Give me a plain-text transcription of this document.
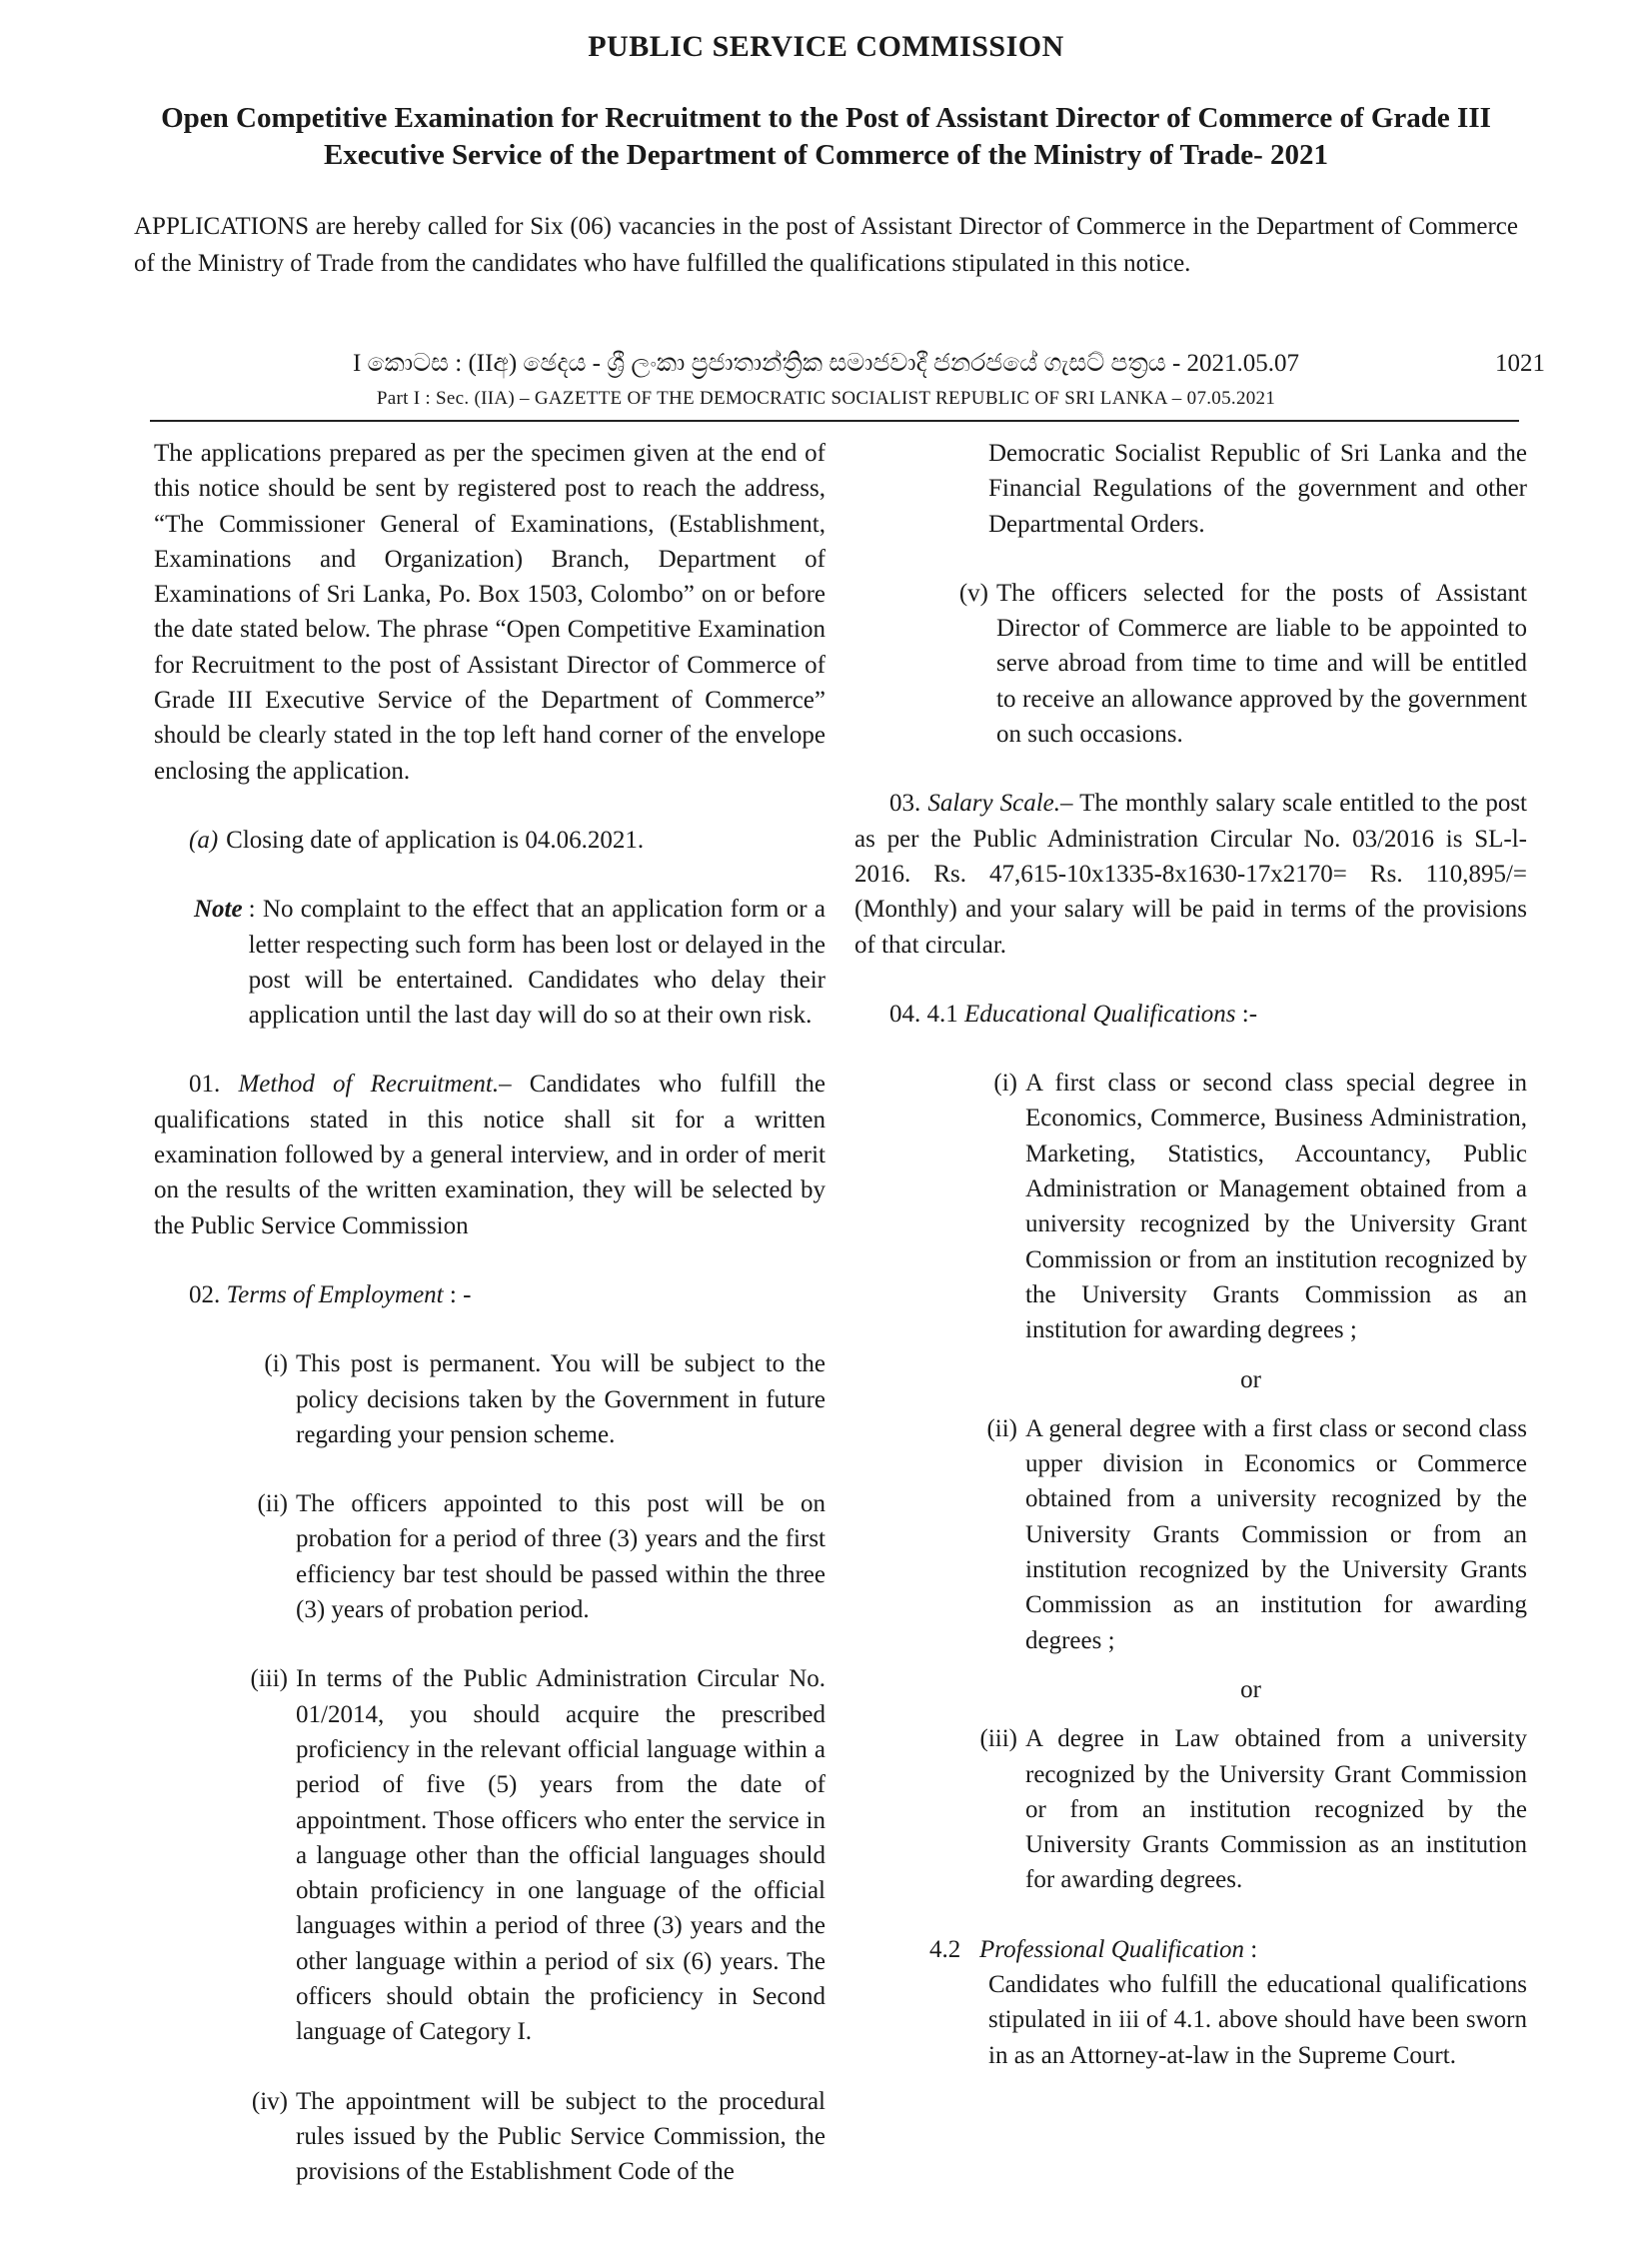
PUBLIC SERVICE COMMISSION
Open Competitive Examination for Recruitment to the Post of Assistant Director of Commerce of Grade III Executive Service of the Department of Commerce of the Ministry of Trade- 2021
APPLICATIONS are hereby called for Six (06) vacancies in the post of Assistant Director of Commerce in the Department of Commerce of the Ministry of Trade from the candidates who have fulfilled the qualifications stipulated in this notice.
I කොටස : (IIඅ) ඡෙදය - ශ්‍රී ලංකා ප්‍රජාතාන්ත්‍රික සමාජවාදී ජනරජයේ ගැසට් පත්‍රය - 2021.05.07
Part I : Sec. (IIA) – GAZETTE OF THE DEMOCRATIC SOCIALIST REPUBLIC OF SRI LANKA – 07.05.2021
1021

The applications prepared as per the specimen given at the end of this notice should be sent by registered post to reach the address, “The Commissioner General of Examinations, (Establishment, Examinations and Organization) Branch, Department of Examinations of Sri Lanka, Po. Box 1503, Colombo” on or before the date stated below. The phrase “Open Competitive Examination for Recruitment to the post of Assistant Director of Commerce of Grade III Executive Service of the Department of Commerce” should be clearly stated in the top left hand corner of the envelope enclosing the application.

(a) Closing date of application is 04.06.2021.
Note : No complaint to the effect that an application form or a letter respecting such form has been lost or delayed in the post will be entertained. Candidates who delay their application until the last day will do so at their own risk.

01. Method of Recruitment.– Candidates who fulfill the qualifications stated in this notice shall sit for a written examination followed by a general interview, and in order of merit on the results of the written examination, they will be selected by the Public Service Commission

02. Terms of Employment : -

(i) This post is permanent. You will be subject to the policy decisions taken by the Government in future regarding your pension scheme.
(ii) The officers appointed to this post will be on probation for a period of three (3) years and the first efficiency bar test should be passed within the three (3) years of probation period.
(iii) In terms of the Public Administration Circular No. 01/2014, you should acquire the prescribed proficiency in the relevant official language within a period of five (5) years from the date of appointment. Those officers who enter the service in a language other than the official languages should obtain proficiency in one language of the official languages within a period of three (3) years and the other language within a period of six (6) years. The officers should obtain the proficiency in Second language of Category I.
(iv) The appointment will be subject to the procedural rules issued by the Public Service Commission, the provisions of the Establishment Code of the

Democratic Socialist Republic of Sri Lanka and the Financial Regulations of the government and other Departmental Orders.

(v) The officers selected for the posts of Assistant Director of Commerce are liable to be appointed to serve abroad from time to time and will be entitled to receive an allowance approved by the government on such occasions.

03. Salary Scale.– The monthly salary scale entitled to the post as per the Public Administration Circular No. 03/2016 is SL-l-2016. Rs. 47,615-10x1335-8x1630-17x2170= Rs. 110,895/= (Monthly) and your salary will be paid in terms of the provisions of that circular.

04. 4.1 Educational Qualifications :-

(i) A first class or second class special degree in Economics, Commerce, Business Administration, Marketing, Statistics, Accountancy, Public Administration or Management obtained from a university recognized by the University Grant Commission or from an institution recognized by the University Grants Commission as an institution for awarding degrees ;

or

(ii) A general degree with a first class or second class upper division in Economics or Commerce obtained from a university recognized by the University Grants Commission or from an institution recognized by the University Grants Commission as an institution for awarding degrees ;

or

(iii) A degree in Law obtained from a university recognized by the University Grant Commission or from an institution recognized by the University Grants Commission as an institution for awarding degrees.
4.2 Professional Qualification :

Candidates who fulfill the educational qualifications stipulated in iii of 4.1. above should have been sworn in as an Attorney-at-law in the Supreme Court.
